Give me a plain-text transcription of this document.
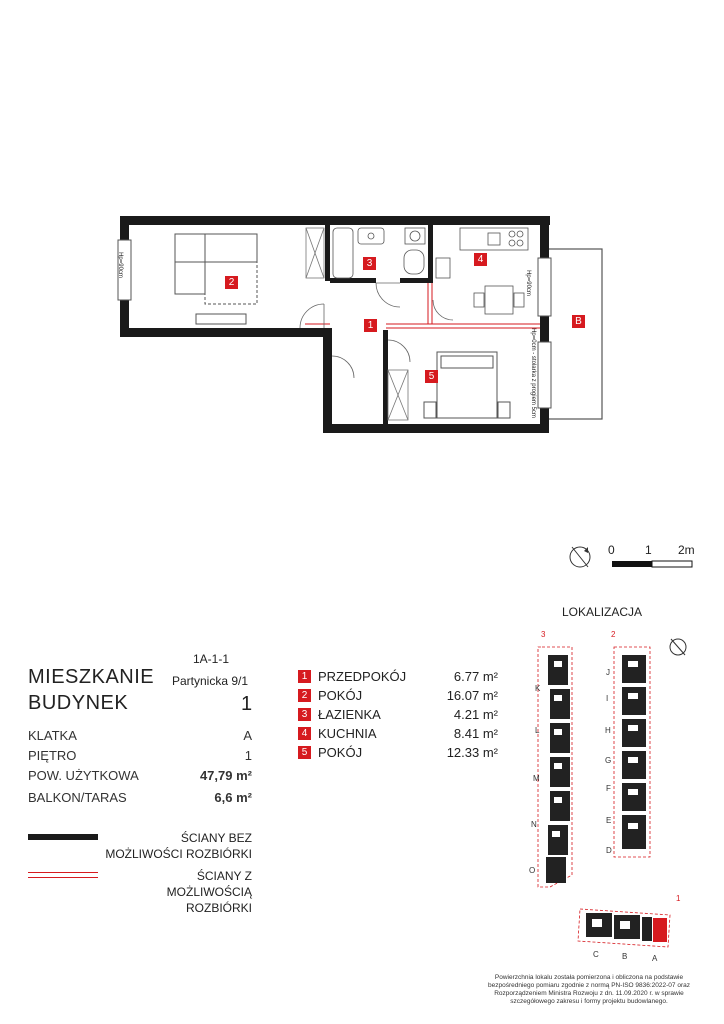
2
1
3	4
5
B
Hp=90cm
Hp=90cm
Hp=0cm - stolarka z progiem 5cm
0	1 2m
MIESZKANIE
BUDYNEK
1A-1-1
Partynicka 9/1
1
KLATKA	A
PIĘTRO	1
POW. UŻYTKOWA	47,79 m²
BALKON/TARAS	6,6 m²
1 PRZEDPOKÓJ	6.77 m²
2 POKÓJ	16.07 m²
3 ŁAZIENKA	4.21 m²
4 KUCHNIA	8.41 m²
5 POKÓJ	12.33 m²
ŚCIANY BEZ
MOŻLIWOŚCI ROZBIÓRKI
ŚCIANY Z
MOŻLIWOŚCIĄ ROZBIÓRKI
LOKALIZACJA
3	2
1
K
L
M
N
O
J
I
H
G
F
E
D
C	B	A
Powierzchnia lokalu została pomierzona i obliczona na podstawie bezpośredniego pomiaru zgodnie z normą PN-ISO 9836:2022-07 oraz Rozporządzeniem Ministra Rozwoju z dn. 11.09.2020 r. w sprawie szczegółowego zakresu i formy projektu budowlanego.
